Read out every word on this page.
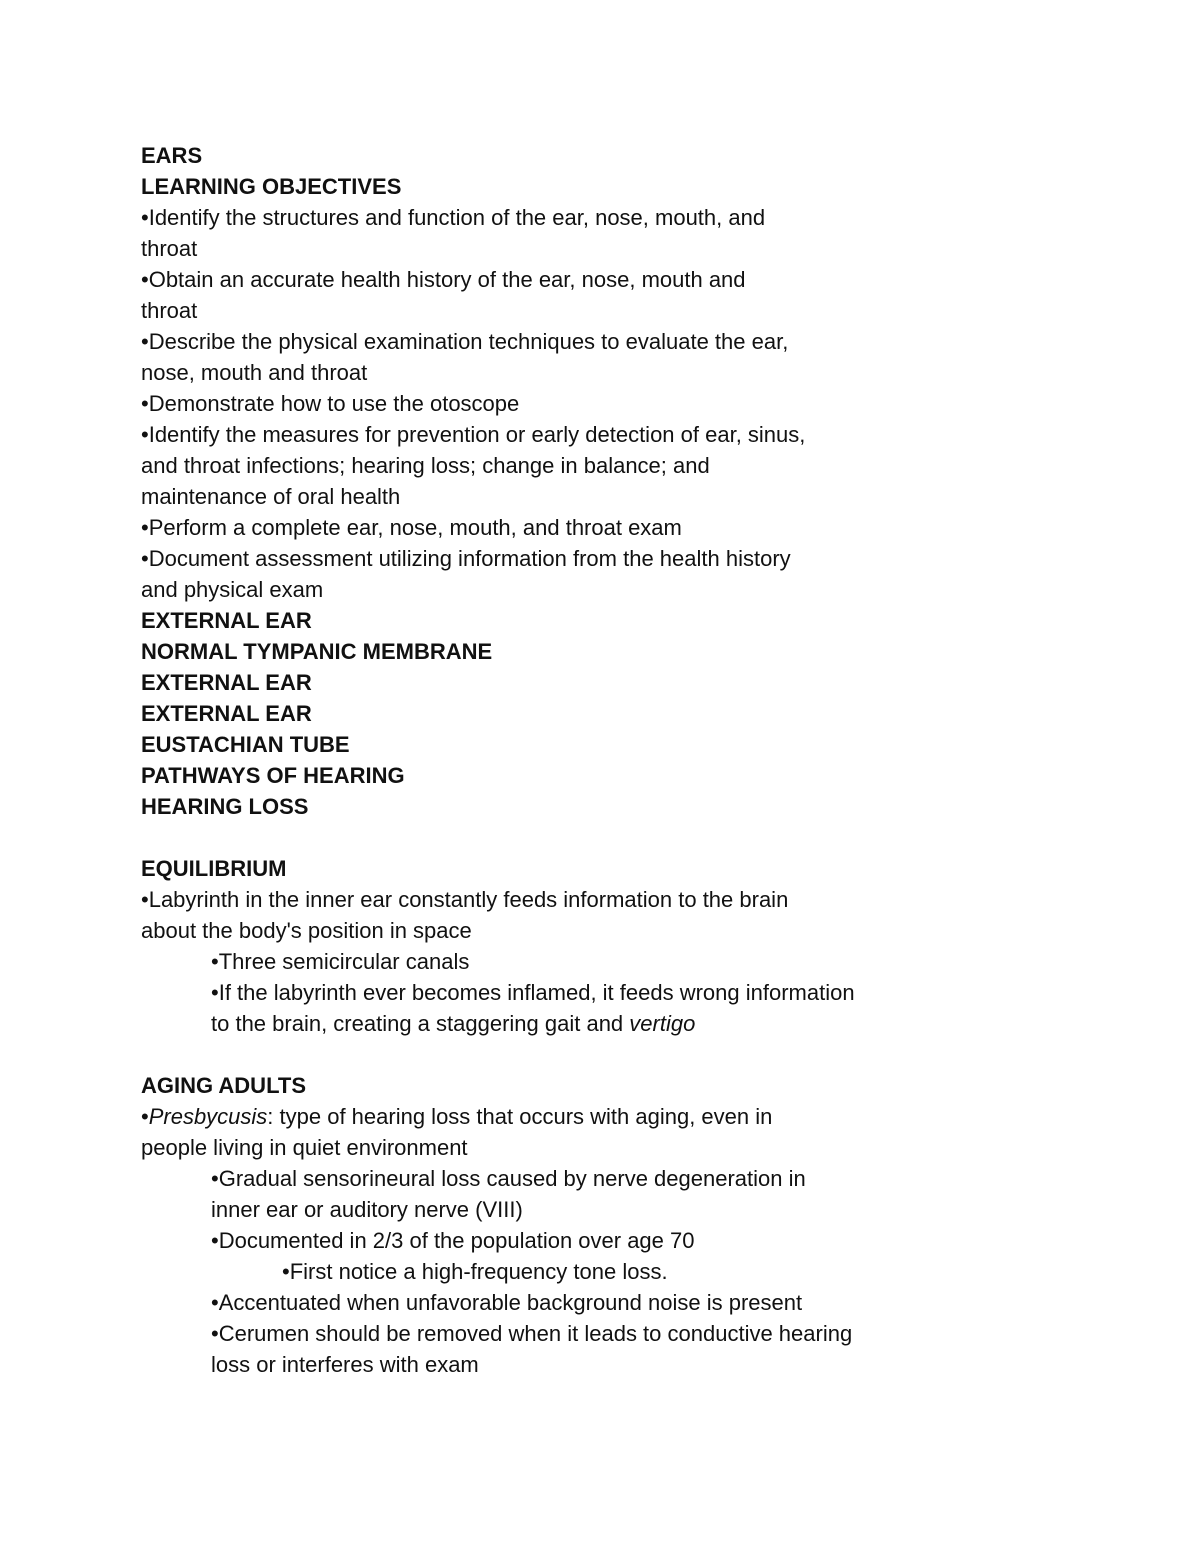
EARS
LEARNING OBJECTIVES
•Identify the structures and function of the ear, nose, mouth, and
throat
•Obtain an accurate health history of the ear, nose, mouth and
throat
•Describe the physical examination techniques to evaluate the ear,
nose, mouth and throat
•Demonstrate how to use the otoscope
•Identify the measures for prevention or early detection of ear, sinus,
and throat infections; hearing loss; change in balance; and
maintenance of oral health
•Perform a complete ear, nose, mouth, and throat exam
•Document assessment utilizing information from the health history
and physical exam
EXTERNAL EAR
NORMAL TYMPANIC MEMBRANE
EXTERNAL EAR
EXTERNAL EAR
EUSTACHIAN TUBE
PATHWAYS OF HEARING
HEARING LOSS
EQUILIBRIUM
•Labyrinth in the inner ear constantly feeds information to the brain
about the body's position in space
•Three semicircular canals
•If the labyrinth ever becomes inflamed, it feeds wrong information
to the brain, creating a staggering gait and vertigo
AGING ADULTS
•Presbycusis: type of hearing loss that occurs with aging, even in
people living in quiet environment
•Gradual sensorineural loss caused by nerve degeneration in
inner ear or auditory nerve (VIII)
•Documented in 2/3 of the population over age 70
•First notice a high-frequency tone loss.
•Accentuated when unfavorable background noise is present
•Cerumen should be removed when it leads to conductive hearing
loss or interferes with exam
